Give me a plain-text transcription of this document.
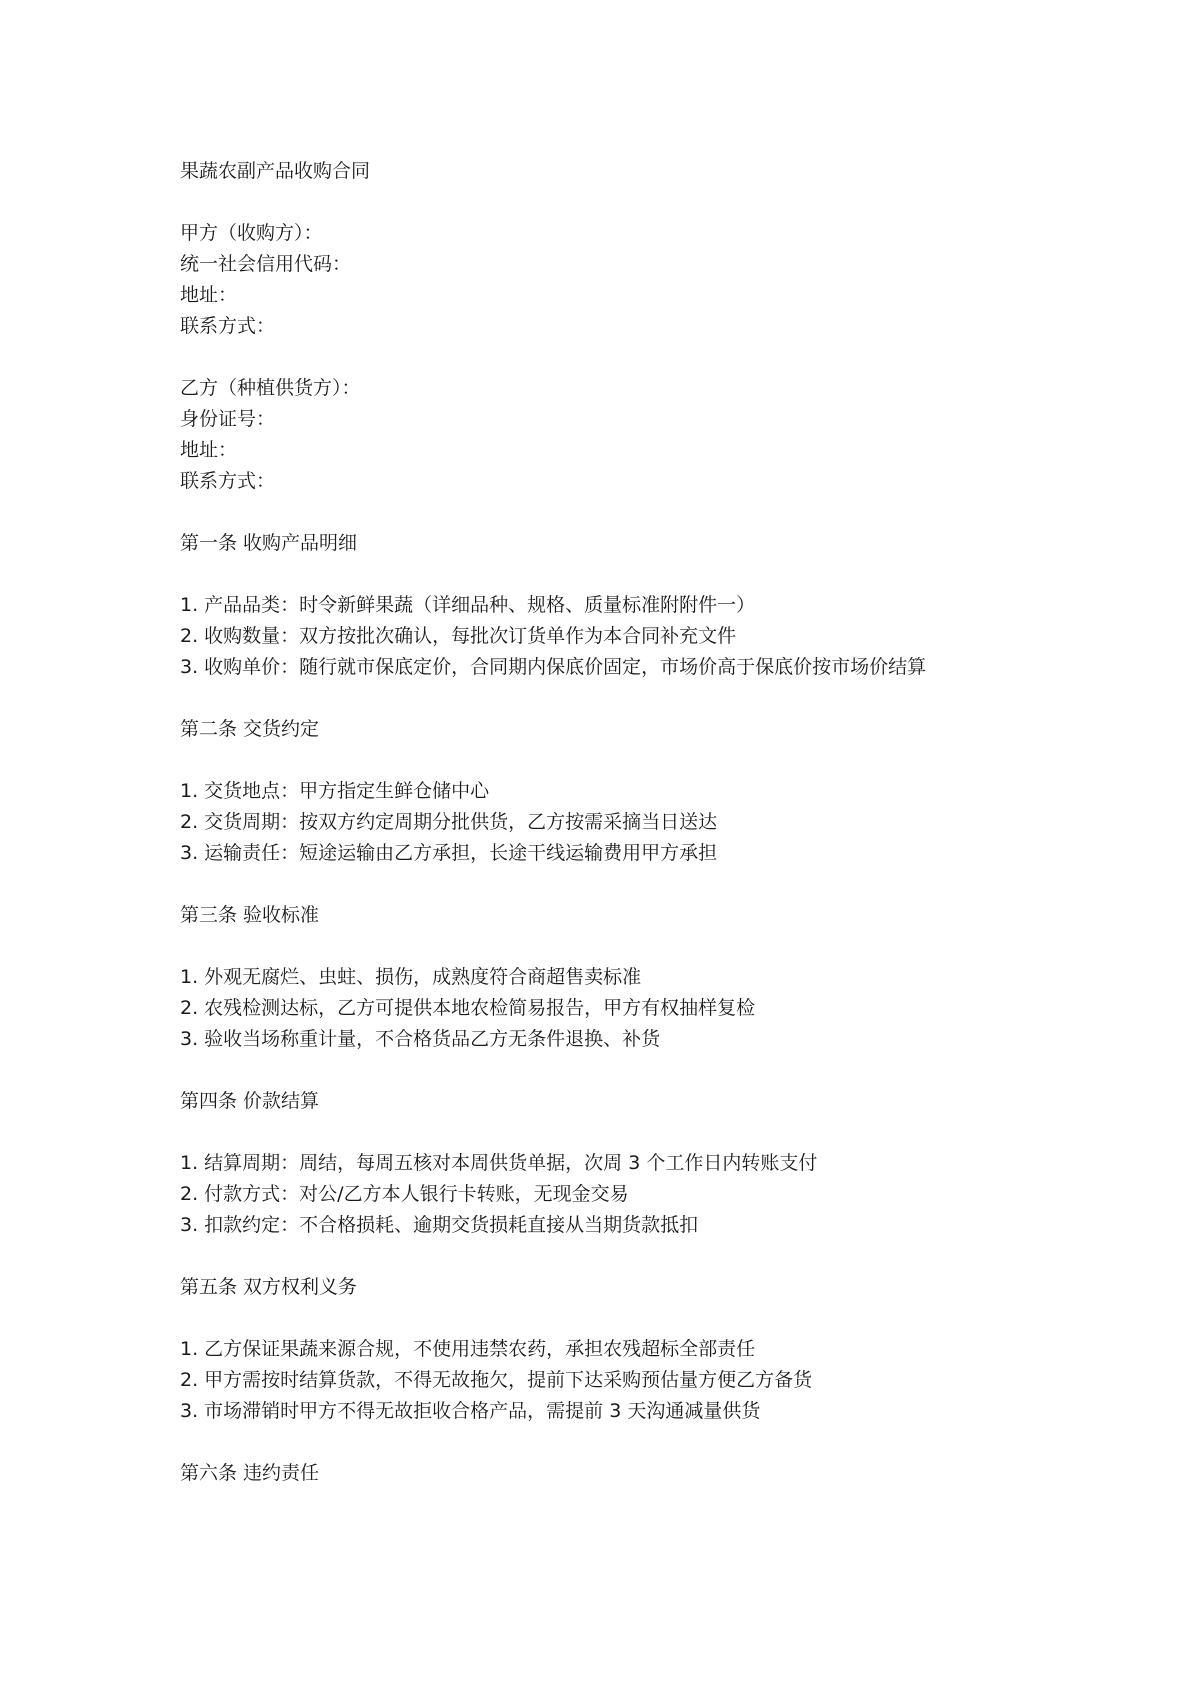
果蔬农副产品收购合同
甲方（收购方）：
统一社会信用代码：
地址：
联系方式：
乙方（种植供货方）：
身份证号：
地址：
联系方式：
第一条 收购产品明细
1. 产品品类：时令新鲜果蔬（详细品种、规格、质量标准附附件一）
2. 收购数量：双方按批次确认，每批次订货单作为本合同补充文件
3. 收购单价：随行就市保底定价，合同期内保底价固定，市场价高于保底价按市场价结算
第二条 交货约定
1. 交货地点：甲方指定生鲜仓储中心
2. 交货周期：按双方约定周期分批供货，乙方按需采摘当日送达
3. 运输责任：短途运输由乙方承担，长途干线运输费用甲方承担
第三条 验收标准
1. 外观无腐烂、虫蛀、损伤，成熟度符合商超售卖标准
2. 农残检测达标，乙方可提供本地农检简易报告，甲方有权抽样复检
3. 验收当场称重计量，不合格货品乙方无条件退换、补货
第四条 价款结算
1. 结算周期：周结，每周五核对本周供货单据，次周 3 个工作日内转账支付
2. 付款方式：对公/乙方本人银行卡转账，无现金交易
3. 扣款约定：不合格损耗、逾期交货损耗直接从当期货款抵扣
第五条 双方权利义务
1. 乙方保证果蔬来源合规，不使用违禁农药，承担农残超标全部责任
2. 甲方需按时结算货款，不得无故拖欠，提前下达采购预估量方便乙方备货
3. 市场滞销时甲方不得无故拒收合格产品，需提前 3 天沟通减量供货
第六条 违约责任
